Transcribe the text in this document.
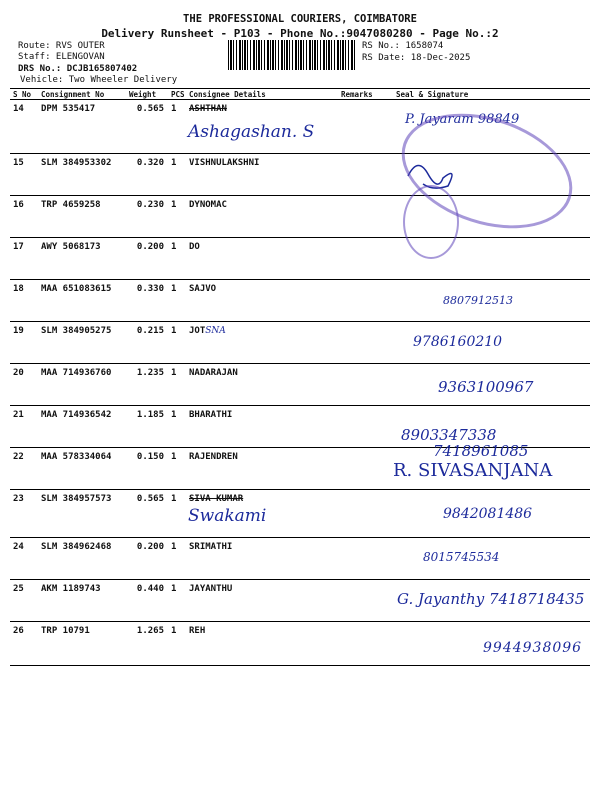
THE PROFESSIONAL COURIERS, COIMBATORE
Delivery Runsheet - P103 - Phone No.:9047080280 - Page No.:2
Route: RVS OUTER
Staff: ELENGOVAN
DRS No.: DCJB165807402
Vehicle: Two Wheeler Delivery
RS No.: 1658074
RS Date: 18-Dec-2025
S No	Consignment No	Weight	PCS	Consignee Details	Remarks	Seal & Signature
14	DPM 535417	0.565	1	ASHTHAN
Ashagashan. S		P. Jayaram 98849

15	SLM 384953302	0.320	1	VISHNULAKSHNI		

16	TRP 4659258	0.230	1	DYNOMAC		
17	AWY 5068173	0.200	1	DO		
18	MAA 651083615	0.330	1	SAJVO		8807912513

19	SLM 384905275	0.215	1	JOTSNA		9786160210

20	MAA 714936760	1.235	1	NADARAJAN		9363100967

21	MAA 714936542	1.185	1	BHARATHI		8903347338

22	MAA 578334064	0.150	1	RAJENDREN		7418961085
R. SIVASANJANA

23	SLM 384957573	0.565	1	SIVA KUMAR
Swakami		9842081486

24	SLM 384962468	0.200	1	SRIMATHI		8015745534

25	AKM 1189743	0.440	1	JAYANTHU		G. Jayanthy 7418718435

26	TRP 10791	1.265	1	REH		9944938096
